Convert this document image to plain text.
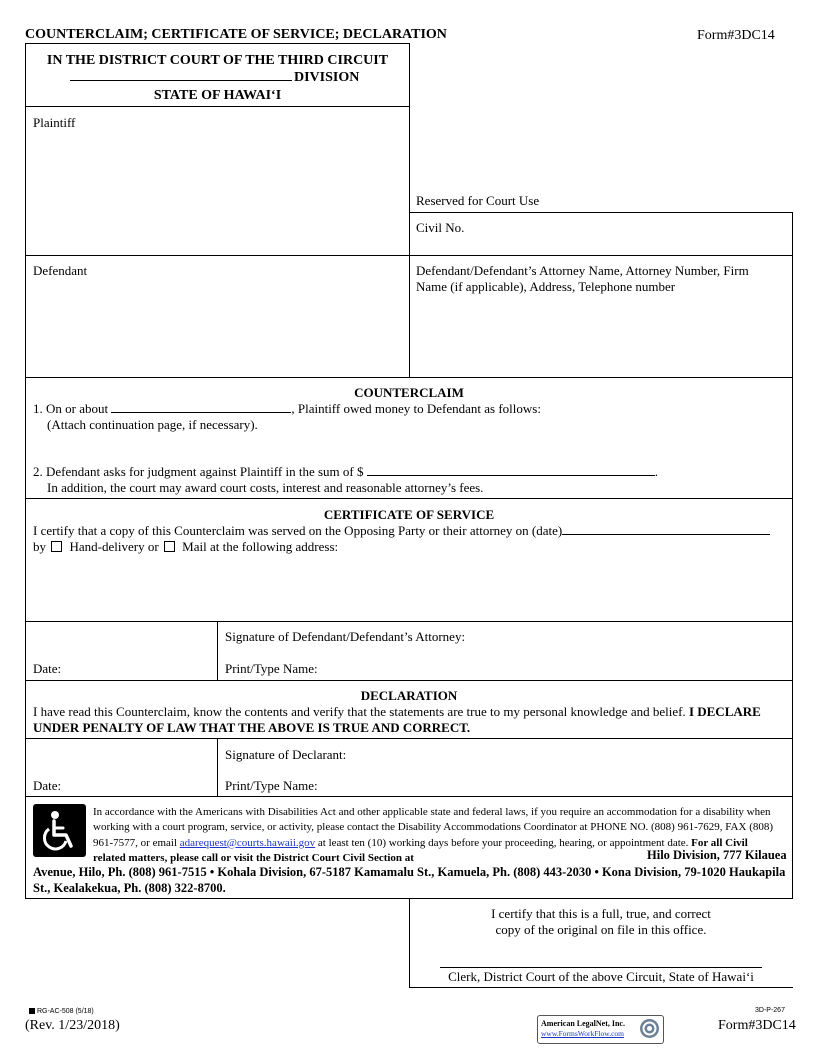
COUNTERCLAIM; CERTIFICATE OF SERVICE; DECLARATION	Form#3DC14
IN THE DISTRICT COURT OF THE THIRD CIRCUIT
DIVISION
STATE OF HAWAI‘I
Plaintiff
Reserved for Court Use
Civil No.
Defendant	Defendant/Defendant’s Attorney Name, Attorney Number, Firm Name (if applicable), Address, Telephone number
COUNTERCLAIM
1. On or about	, Plaintiff owed money to Defendant as follows:
(Attach continuation page, if necessary).
2. Defendant asks for judgment against Plaintiff in the sum of $	.
In addition, the court may award court costs, interest and reasonable attorney’s fees.
CERTIFICATE OF SERVICE
I certify that a copy of this Counterclaim was served on the Opposing Party or their attorney on (date)
by Hand-delivery or Mail at the following address:
Date:
Signature of Defendant/Defendant’s Attorney:
Print/Type Name:
DECLARATION
I have read this Counterclaim, know the contents and verify that the statements are true to my personal knowledge and belief. I DECLARE UNDER PENALTY OF LAW THAT THE ABOVE IS TRUE AND CORRECT.
Date:
Signature of Declarant:
Print/Type Name:
In accordance with the Americans with Disabilities Act and other applicable state and federal laws, if you require an accommodation for a disability when working with a court program, service, or activity, please contact the Disability Accommodations Coordinator at PHONE NO. (808) 961-7629, FAX (808) 961-7577, or email adarequest@courts.hawaii.gov at least ten (10) working days before your proceeding, hearing, or appointment date. For all Civil related matters, please call or visit the District Court Civil Section at	Hilo Division, 777 Kilauea Avenue, Hilo, Ph. (808) 961-7515 • Kohala Division, 67-5187 Kamamalu St., Kamuela, Ph. (808) 443-2030 • Kona Division, 79-1020 Haukapila St., Kealakekua, Ph. (808) 322-8700.
I certify that this is a full, true, and correct
copy of the original on file in this office.
Clerk, District Court of the above Circuit, State of Hawai‘i
RG-AC-508 (5/18)
(Rev. 1/23/2018)	American LegalNet, Inc.
www.FormsWorkFlow.com
3D-P-267
Form#3DC14
